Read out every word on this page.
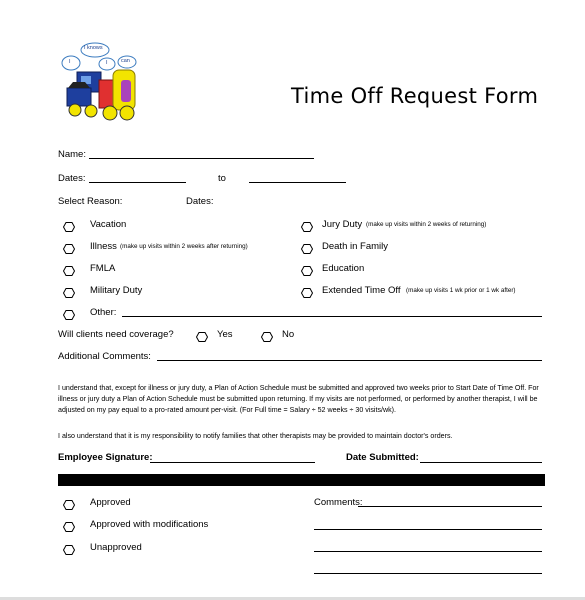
I knows
I	can
I
Time Off Request Form
Name:
Dates:	to
Select Reason:	Dates:
Vacation
Illness (make up visits within 2 weeks after returning)
FMLA
Military Duty
Other:
Jury Duty (make up visits within 2 weeks of returning)
Death in Family
Education
Extended Time Off (make up visits 1 wk prior or 1 wk after)
Will clients need coverage?	Yes	No
Additional Comments:
I understand that, except for illness or jury duty, a Plan of Action Schedule must be submitted and approved two weeks prior to Start Date of Time Off. For illness or jury duty a Plan of Action Schedule must be submitted upon returning. If my visits are not performed, or performed by another therapist, I will be adjusted on my pay equal to a pro-rated amount per-visit. (For Full time = Salary ÷ 52 weeks ÷ 30 visits/wk).
I also understand that it is my responsibility to notify families that other therapists may be provided to maintain doctor's orders.
Employee Signature:	Date Submitted:
Approved
Approved with modifications
Unapproved
Comments:
